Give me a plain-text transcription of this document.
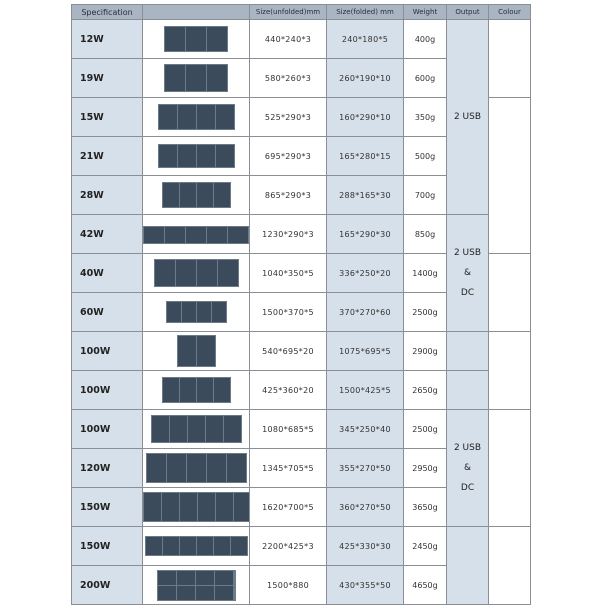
Specification		Size(unfolded)mm	Size(folded) mm	Weight	Output	Colour
12W		440*240*3	240*180*5	400g	2 USB	

19W		580*260*3	260*190*10	600g		
15W		525*290*3	160*290*10	350g		
21W		695*290*3	165*280*15	500g		
28W		865*290*3	288*165*30	700g		
42W		1230*290*3	165*290*30	850g	2 USB
&
DC	

40W		1040*350*5	336*250*20	1400g		
60W		1500*370*5	370*270*60	2500g		
100W		540*695*20	1075*695*5	2900g		
100W		425*360*20	1500*425*5	2650g		
100W		1080*685*5	345*250*40	2500g	2 USB
&
DC	

120W		1345*705*5	355*270*50	2950g		
150W		1620*700*5	360*270*50	3650g		
150W		2200*425*3	425*330*30	2450g		
200W		1500*880	430*355*50	4650g		
